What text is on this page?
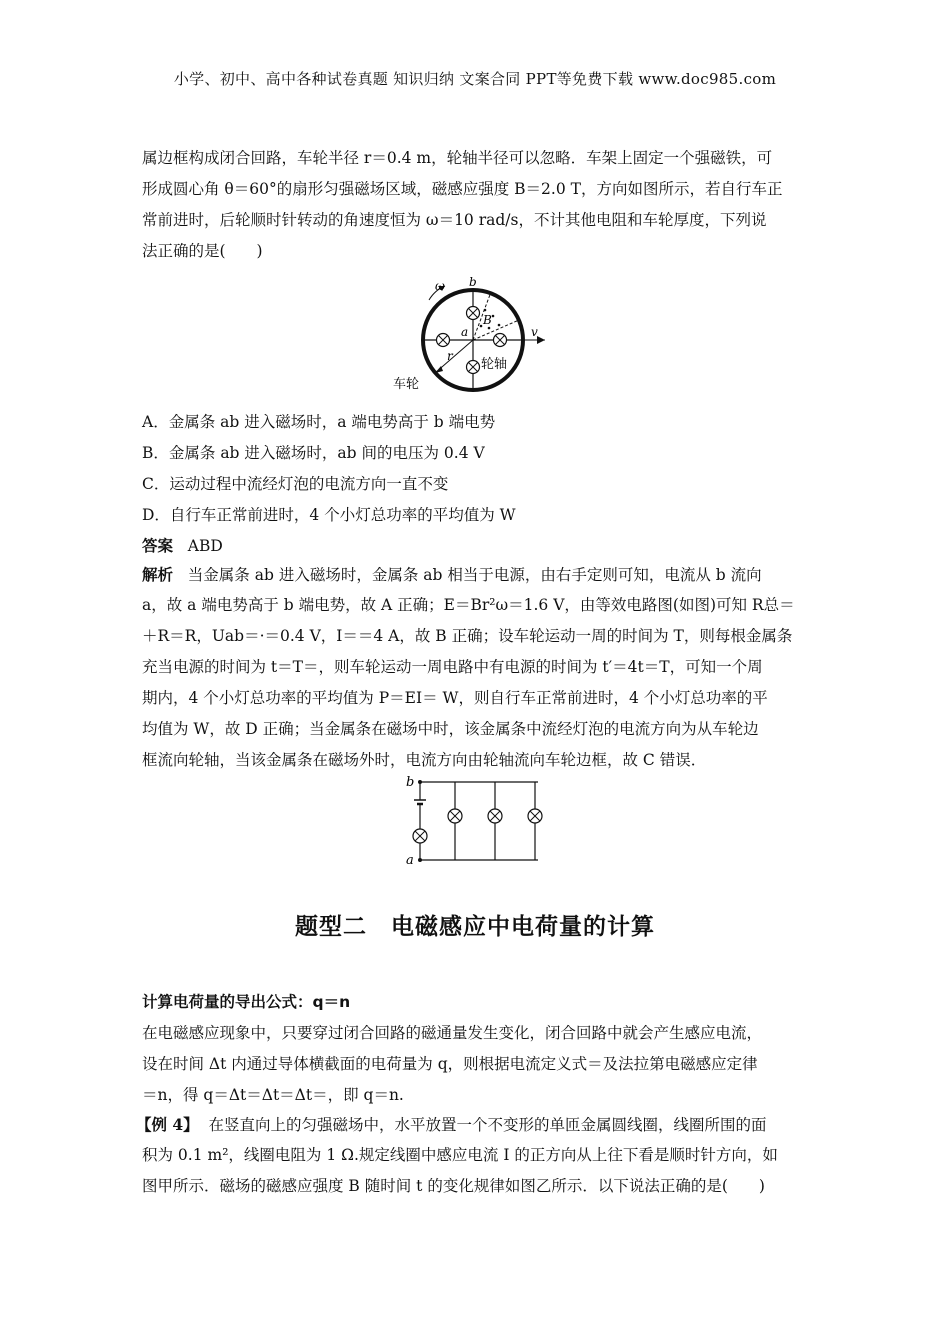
小学、初中、高中各种试卷真题 知识归纳 文案合同 PPT等免费下载 www.doc985.com
属边框构成闭合回路，车轮半径 r＝0.4 m，轮轴半径可以忽略．车架上固定一个强磁铁，可
形成圆心角 θ＝60°的扇形匀强磁场区域，磁感应强度 B＝2.0 T，方向如图所示，若自行车正
常前进时，后轮顺时针转动的角速度恒为 ω＝10 rad/s，不计其他电阻和车轮厚度，下列说
法正确的是(　　)
ω b
B
a	v
r
轮轴
车轮
A．金属条 ab 进入磁场时，a 端电势高于 b 端电势
B．金属条 ab 进入磁场时，ab 间的电压为 0.4 V
C．运动过程中流经灯泡的电流方向一直不变
D．自行车正常前进时，4 个小灯总功率的平均值为 W
答案 ABD
解析 当金属条 ab 进入磁场时，金属条 ab 相当于电源，由右手定则可知，电流从 b 流向
a，故 a 端电势高于 b 端电势，故 A 正确；E＝Br²ω＝1.6 V，由等效电路图(如图)可知 R总＝
＋R＝R，Uab＝·＝0.4 V，I＝＝4 A，故 B 正确；设车轮运动一周的时间为 T，则每根金属条
充当电源的时间为 t＝T＝，则车轮运动一周电路中有电源的时间为 t′＝4t＝T，可知一个周
期内，4 个小灯总功率的平均值为 P＝EI＝ W，则自行车正常前进时，4 个小灯总功率的平
均值为 W，故 D 正确；当金属条在磁场中时，该金属条中流经灯泡的电流方向为从车轮边
框流向轮轴，当该金属条在磁场外时，电流方向由轮轴流向车轮边框，故 C 错误．
b
a
题型二　电磁感应中电荷量的计算
计算电荷量的导出公式：q＝n
在电磁感应现象中，只要穿过闭合回路的磁通量发生变化，闭合回路中就会产生感应电流，
设在时间 Δt 内通过导体横截面的电荷量为 q，则根据电流定义式＝及法拉第电磁感应定律
＝n，得 q＝Δt＝Δt＝Δt＝，即 q＝n.
【例 4】 在竖直向上的匀强磁场中，水平放置一个不变形的单匝金属圆线圈，线圈所围的面
积为 0.1 m²，线圈电阻为 1 Ω.规定线圈中感应电流 I 的正方向从上往下看是顺时针方向，如
图甲所示．磁场的磁感应强度 B 随时间 t 的变化规律如图乙所示．以下说法正确的是(　　)
